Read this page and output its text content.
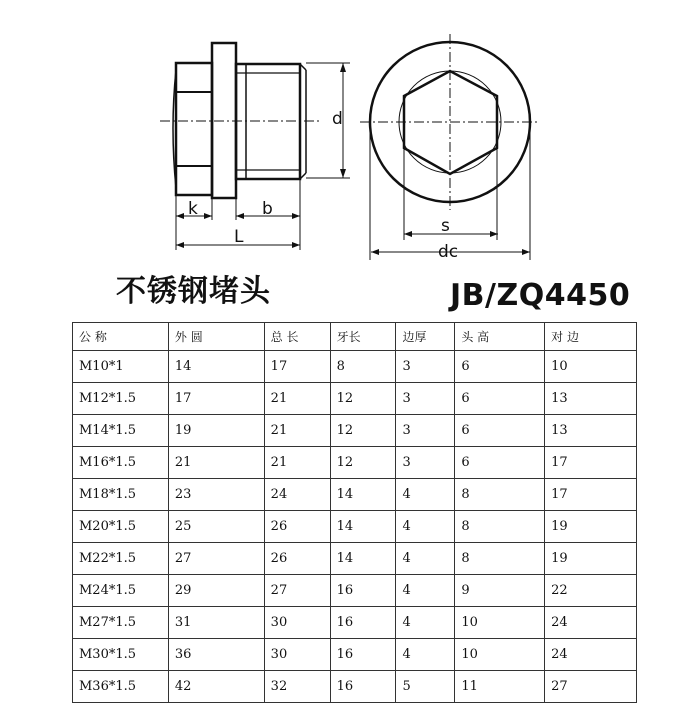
k	b
L
d
s
dc
不锈钢堵头	JB/ZQ4450
公 称	外 圆	总 长	牙长	边厚	头 高	对 边
M10*1	14	17	8	3	6	10
M12*1.5	17	21	12	3	6	13
M14*1.5	19	21	12	3	6	13
M16*1.5	21	21	12	3	6	17
M18*1.5	23	24	14	4	8	17
M20*1.5	25	26	14	4	8	19
M22*1.5	27	26	14	4	8	19
M24*1.5	29	27	16	4	9	22
M27*1.5	31	30	16	4	10	24
M30*1.5	36	30	16	4	10	24
M36*1.5	42	32	16	5	11	27
